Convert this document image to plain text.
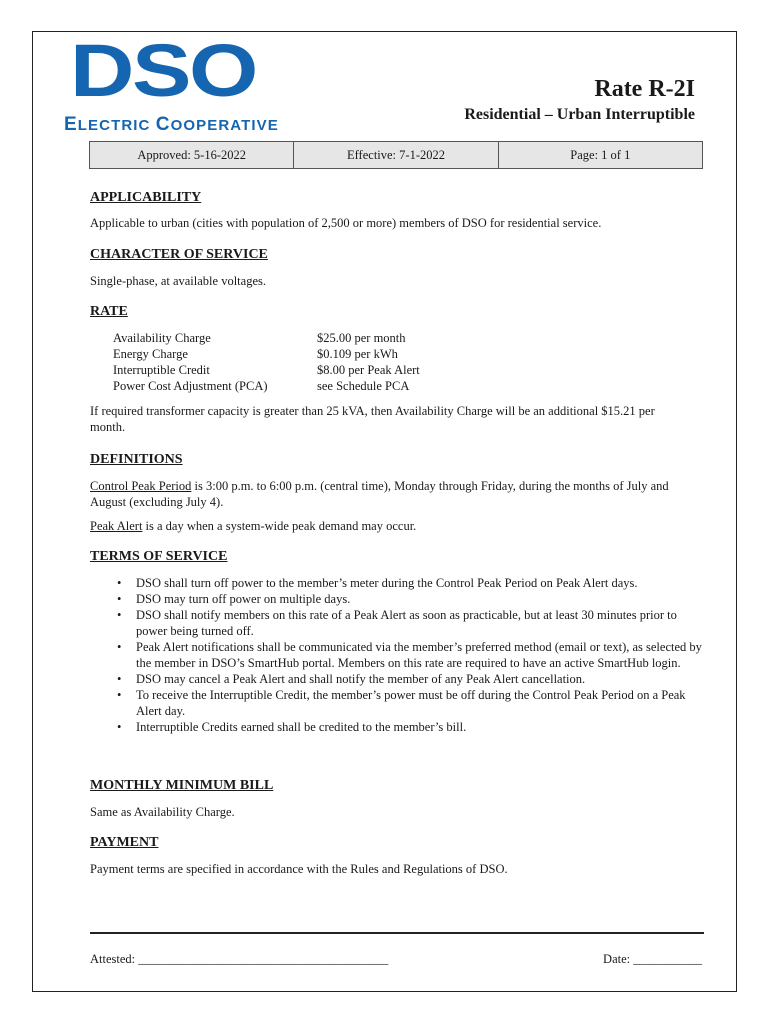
DSO
ELECTRIC COOPERATIVE
Rate R-2I
Residential – Urban Interruptible
Approved: 5-16-2022	Effective: 7-1-2022	Page: 1 of 1
APPLICABILITY
Applicable to urban (cities with population of 2,500 or more) members of DSO for residential service.
CHARACTER OF SERVICE
Single-phase, at available voltages.
RATE
Availability Charge	$25.00 per month
Energy Charge	$0.109 per kWh
Interruptible Credit	$8.00 per Peak Alert
Power Cost Adjustment (PCA)	see Schedule PCA
If required transformer capacity is greater than 25 kVA, then Availability Charge will be an additional $15.21 per month.
DEFINITIONS
Control Peak Period is 3:00 p.m. to 6:00 p.m. (central time), Monday through Friday, during the months of July and August (excluding July 4).
Peak Alert is a day when a system-wide peak demand may occur.
TERMS OF SERVICE
• DSO shall turn off power to the member’s meter during the Control Peak Period on Peak Alert days.
• DSO may turn off power on multiple days.
• DSO shall notify members on this rate of a Peak Alert as soon as practicable, but at least 30 minutes prior to power being turned off.
• Peak Alert notifications shall be communicated via the member’s preferred method (email or text), as selected by the member in DSO’s SmartHub portal. Members on this rate are required to have an active SmartHub login.
• DSO may cancel a Peak Alert and shall notify the member of any Peak Alert cancellation.
• To receive the Interruptible Credit, the member’s power must be off during the Control Peak Period on a Peak Alert day.
• Interruptible Credits earned shall be credited to the member’s bill.
MONTHLY MINIMUM BILL
Same as Availability Charge.
PAYMENT
Payment terms are specified in accordance with the Rules and Regulations of DSO.
Attested: ________________________________________	Date: ___________
